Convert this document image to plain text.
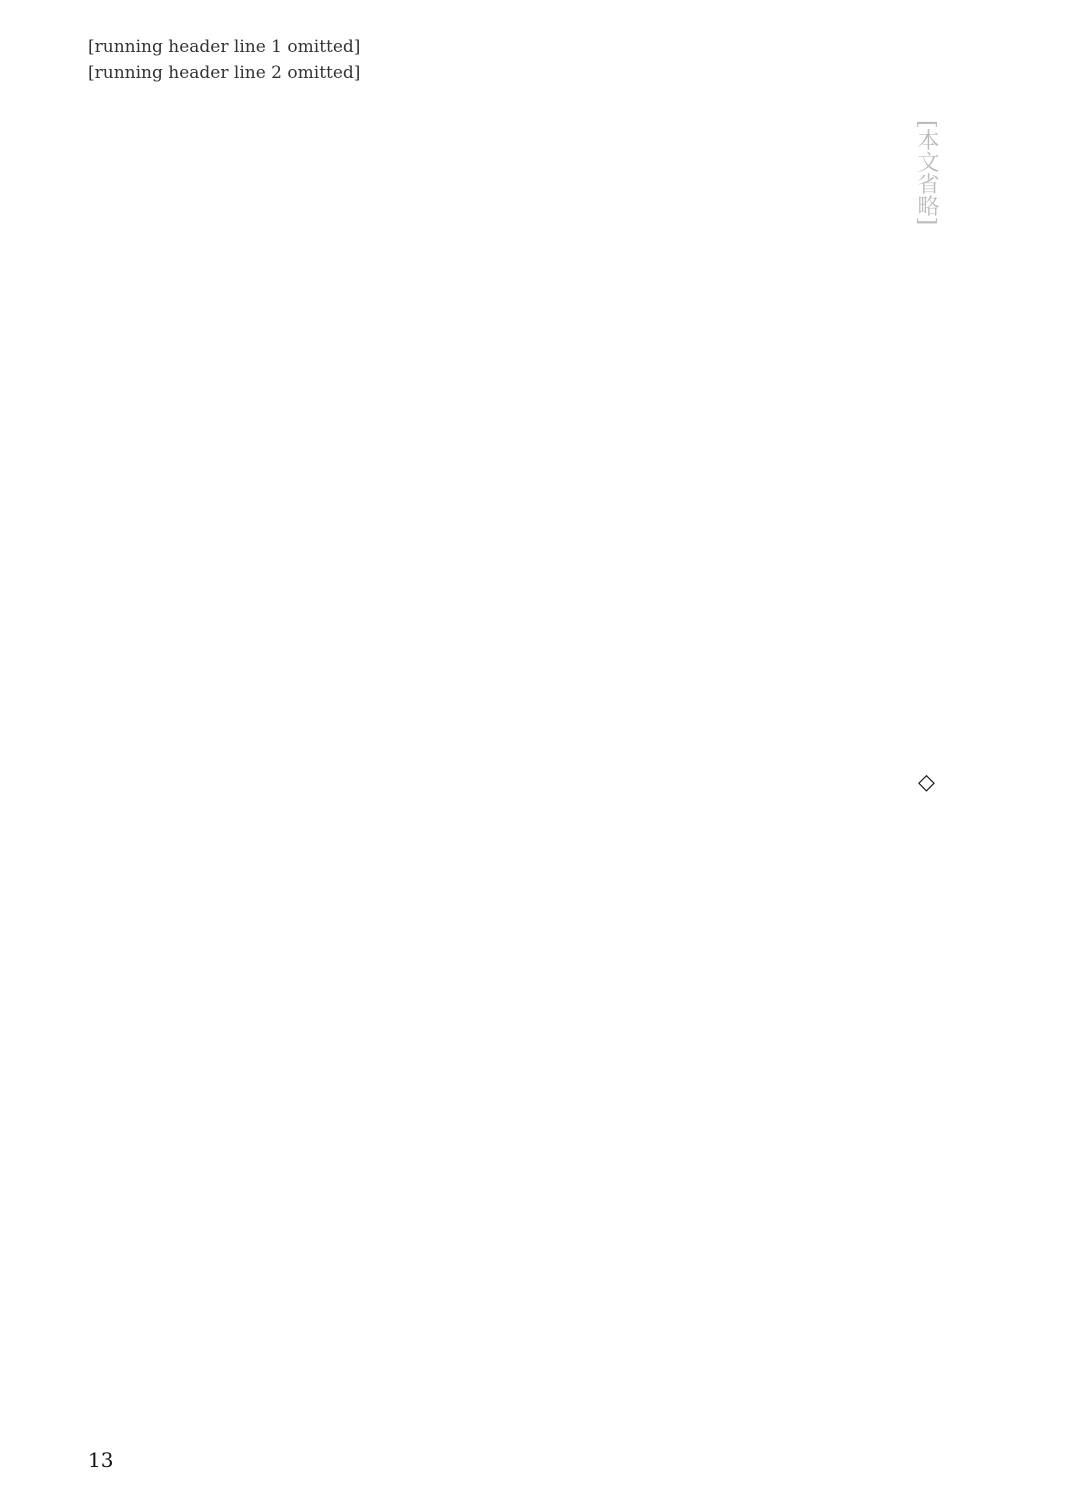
[running header line 1 omitted]
[running header line 2 omitted]
[本文省略]
◇
13
